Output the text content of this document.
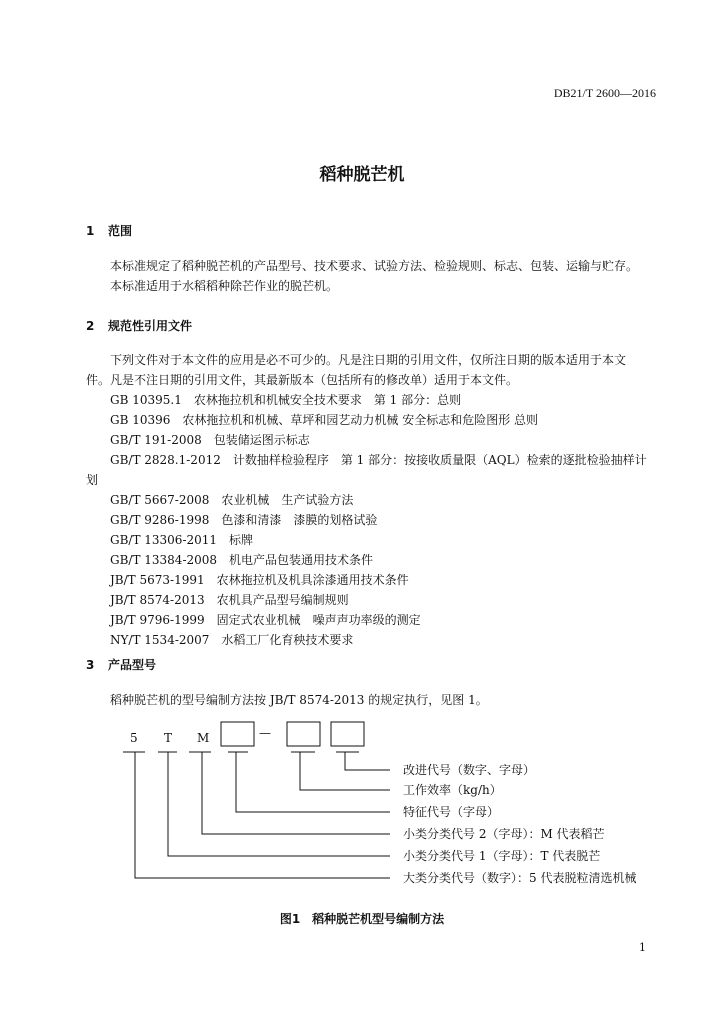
DB21/T 2600—2016
稻种脱芒机
1 范围
本标准规定了稻种脱芒机的产品型号、技术要求、试验方法、检验规则、标志、包装、运输与贮存。
本标准适用于水稻稻种除芒作业的脱芒机。
2 规范性引用文件
下列文件对于本文件的应用是必不可少的。凡是注日期的引用文件，仅所注日期的版本适用于本文
件。凡是不注日期的引用文件，其最新版本（包括所有的修改单）适用于本文件。
GB 10395.1　农林拖拉机和机械安全技术要求　第 1 部分：总则
GB 10396　农林拖拉机和机械、草坪和园艺动力机械 安全标志和危险图形 总则
GB/T 191-2008　包装储运图示标志
GB/T 2828.1-2012　计数抽样检验程序　第 1 部分：按接收质量限（AQL）检索的逐批检验抽样计
划
GB/T 5667-2008　农业机械　生产试验方法
GB/T 9286-1998　色漆和清漆　漆膜的划格试验
GB/T 13306-2011　标牌
GB/T 13384-2008　机电产品包装通用技术条件
JB/T 5673-1991　农林拖拉机及机具涂漆通用技术条件
JB/T 8574-2013　农机具产品型号编制规则
JB/T 9796-1999　固定式农业机械　噪声声功率级的测定
NY/T 1534-2007　水稻工厂化育秧技术要求
3 产品型号
稻种脱芒机的型号编制方法按 JB/T 8574-2013 的规定执行，见图 1。
5 T M	—
改进代号（数字、字母）
工作效率（kg/h）
特征代号（字母）
小类分类代号 2（字母）：M 代表稻芒
小类分类代号 1（字母）：T 代表脱芒
大类分类代号（数字）：5 代表脱粒清选机械
图1　稻种脱芒机型号编制方法
1
